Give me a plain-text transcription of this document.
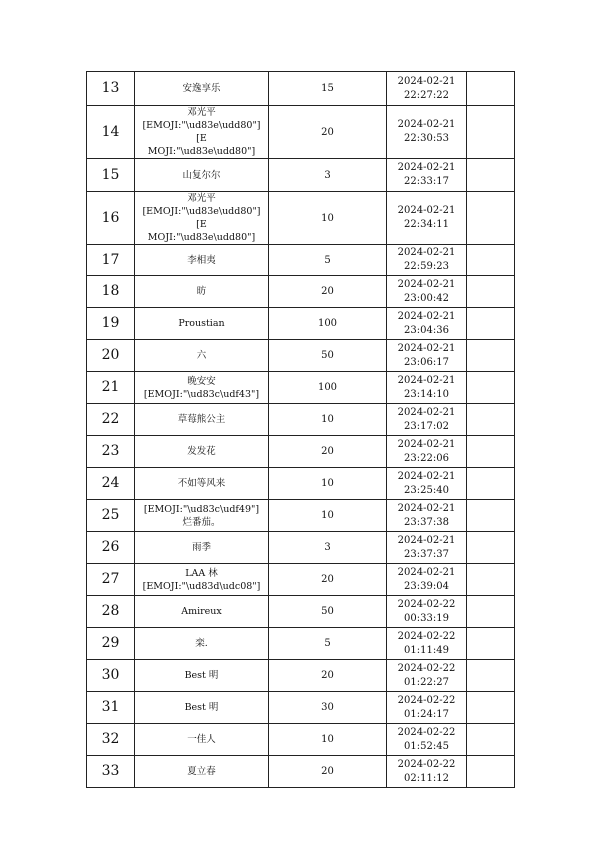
13	安逸享乐	15	2024-02-21
22:27:22	

14	邓光平
[EMOJI:"\ud83e\udd80"][E
MOJI:"\ud83e\udd80"]	20	2024-02-21
22:30:53	

15	山复尔尔	3	2024-02-21
22:33:17	

16	邓光平
[EMOJI:"\ud83e\udd80"][E
MOJI:"\ud83e\udd80"]	10	2024-02-21
22:34:11	

17	李相夷	5	2024-02-21
22:59:23	

18	昉	20	2024-02-21
23:00:42	

19	Proustian	100	2024-02-21
23:04:36	

20	六	50	2024-02-21
23:06:17	

21	晚安安
[EMOJI:"\ud83c\udf43"]	100	2024-02-21
23:14:10	

22	草莓熊公主	10	2024-02-21
23:17:02	

23	发发花	20	2024-02-21
23:22:06	

24	不如等风来	10	2024-02-21
23:25:40	

25	[EMOJI:"\ud83c\udf49"]
烂番茄。	10	2024-02-21
23:37:38	

26	雨季	3	2024-02-21
23:37:37	

27	LAA 林
[EMOJI:"\ud83d\udc08"]	20	2024-02-21
23:39:04	

28	Amireux	50	2024-02-22
00:33:19	

29	栾.	5	2024-02-22
01:11:49	

30	Best 明	20	2024-02-22
01:22:27	

31	Best 明	30	2024-02-22
01:24:17	

32	一佳人	10	2024-02-22
01:52:45	

33	夏立春	20	2024-02-22
02:11:12	
